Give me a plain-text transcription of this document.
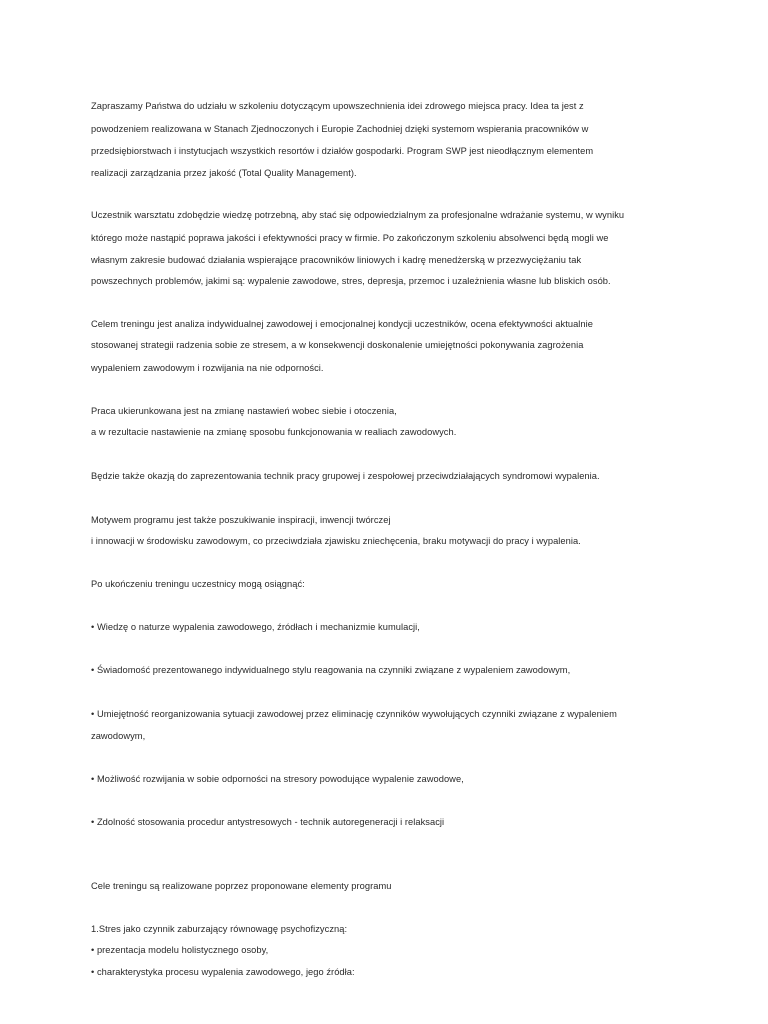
Zapraszamy Państwa do udziału w szkoleniu dotyczącym upowszechnienia idei zdrowego miejsca pracy. Idea ta jest z
powodzeniem realizowana w Stanach Zjednoczonych i Europie Zachodniej dzięki systemom wspierania pracowników w
przedsiębiorstwach i instytucjach wszystkich resortów i działów gospodarki. Program SWP jest nieodłącznym elementem
realizacji zarządzania przez jakość (Total Quality Management).
Uczestnik warsztatu zdobędzie wiedzę potrzebną, aby stać się odpowiedzialnym za profesjonalne wdrażanie systemu, w wyniku
którego może nastąpić poprawa jakości i efektywności pracy w firmie. Po zakończonym szkoleniu absolwenci będą mogli we
własnym zakresie budować działania wspierające pracowników liniowych i kadrę menedżerską w przezwyciężaniu tak
powszechnych problemów, jakimi są: wypalenie zawodowe, stres, depresja, przemoc i uzależnienia własne lub bliskich osób.
Celem treningu jest analiza indywidualnej zawodowej i emocjonalnej kondycji uczestników, ocena efektywności aktualnie
stosowanej strategii radzenia sobie ze stresem, a w konsekwencji doskonalenie umiejętności pokonywania zagrożenia
wypaleniem zawodowym i rozwijania na nie odporności.
Praca ukierunkowana jest na zmianę nastawień wobec siebie i otoczenia,
a w rezultacie nastawienie na zmianę sposobu funkcjonowania w realiach zawodowych.
Będzie także okazją do zaprezentowania technik pracy grupowej i zespołowej przeciwdziałających syndromowi wypalenia.
Motywem programu jest także poszukiwanie inspiracji, inwencji twórczej
i innowacji w środowisku zawodowym, co przeciwdziała zjawisku zniechęcenia, braku motywacji do pracy i wypalenia.
Po ukończeniu treningu uczestnicy mogą osiągnąć:
• Wiedzę o naturze wypalenia zawodowego, źródłach i mechanizmie kumulacji,
• Świadomość prezentowanego indywidualnego stylu reagowania na czynniki związane z wypaleniem zawodowym,
• Umiejętność reorganizowania sytuacji zawodowej przez eliminację czynników wywołujących czynniki związane z wypaleniem
zawodowym,
• Możliwość rozwijania w sobie odporności na stresory powodujące wypalenie zawodowe,
• Zdolność stosowania procedur antystresowych - technik autoregeneracji i relaksacji
Cele treningu są realizowane poprzez proponowane elementy programu
1.Stres jako czynnik zaburzający równowagę psychofizyczną:
• prezentacja modelu holistycznego osoby,
• charakterystyka procesu wypalenia zawodowego, jego źródła:
